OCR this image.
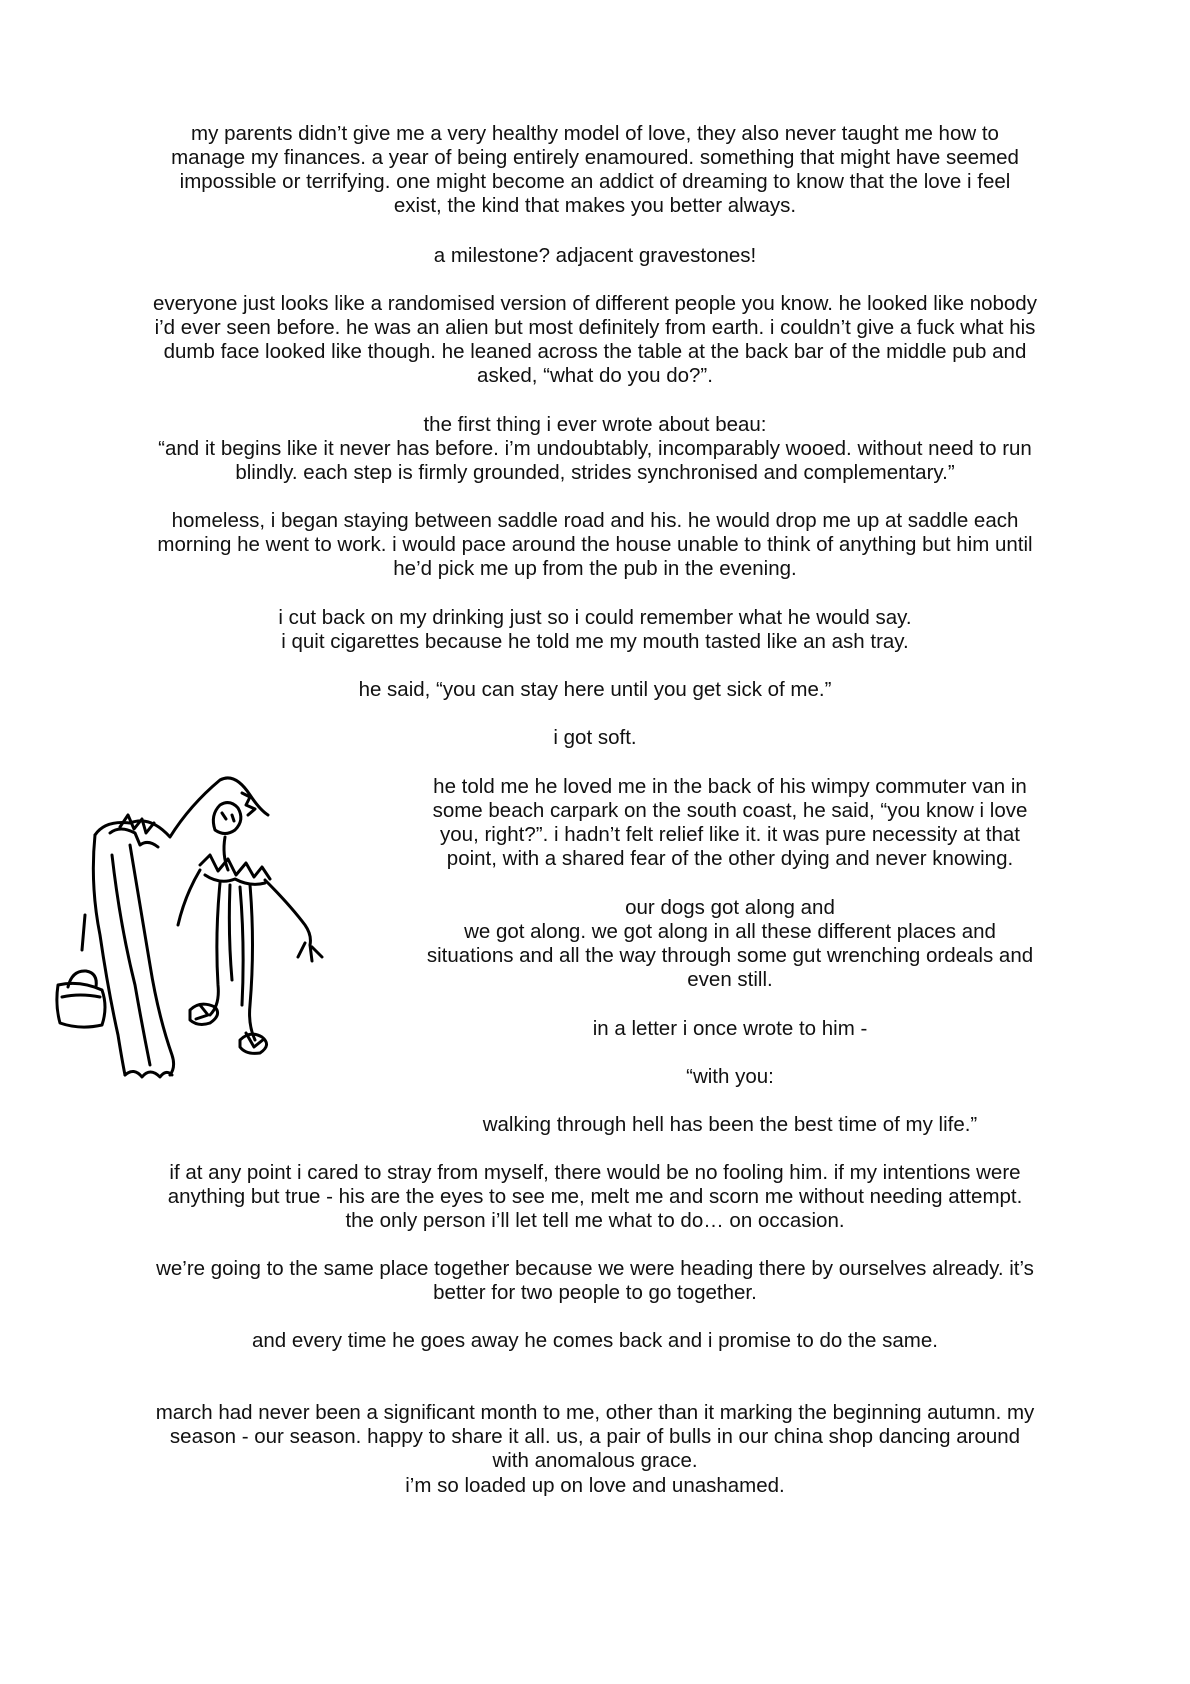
my parents didn’t give me a very healthy model of love, they also never taught me how to
manage my finances. a year of being entirely enamoured. something that might have seemed
impossible or terrifying. one might become an addict of dreaming to know that the love i feel
exist, the kind that makes you better always.

a milestone? adjacent gravestones!

everyone just looks like a randomised version of different people you know. he looked like nobody
i’d ever seen before. he was an alien but most definitely from earth. i couldn’t give a fuck what his
dumb face looked like though. he leaned across the table at the back bar of the middle pub and
asked, “what do you do?”.

the first thing i ever wrote about beau:
“and it begins like it never has before. i’m undoubtably, incomparably wooed. without need to run
blindly. each step is firmly grounded, strides synchronised and complementary.”

homeless, i began staying between saddle road and his. he would drop me up at saddle each
morning he went to work. i would pace around the house unable to think of anything but him until
he’d pick me up from the pub in the evening.

i cut back on my drinking just so i could remember what he would say.
i quit cigarettes because he told me my mouth tasted like an ash tray.

he said, “you can stay here until you get sick of me.”

i got soft.

he told me he loved me in the back of his wimpy commuter van in
some beach carpark on the south coast, he said, “you know i love
you, right?”. i hadn’t felt relief like it. it was pure necessity at that
point, with a shared fear of the other dying and never knowing.

our dogs got along and
we got along. we got along in all these different places and
situations and all the way through some gut wrenching ordeals and
even still.

in a letter i once wrote to him -

“with you:

walking through hell has been the best time of my life.”

if at any point i cared to stray from myself, there would be no fooling him. if my intentions were
anything but true - his are the eyes to see me, melt me and scorn me without needing attempt.
the only person i’ll let tell me what to do… on occasion.

we’re going to the same place together because we were heading there by ourselves already. it’s
better for two people to go together.

and every time he goes away he comes back and i promise to do the same.

march had never been a significant month to me, other than it marking the beginning autumn. my
season - our season. happy to share it all. us, a pair of bulls in our china shop dancing around
with anomalous grace.

i’m so loaded up on love and unashamed.
